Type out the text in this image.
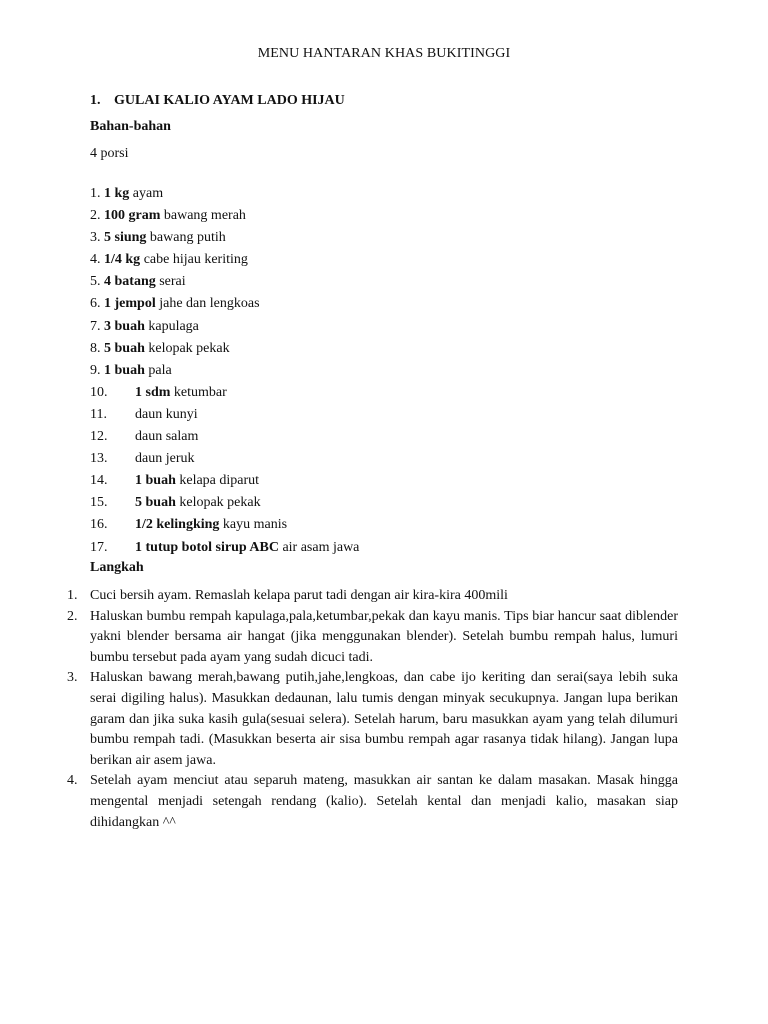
MENU HANTARAN KHAS BUKITINGGI
1. GULAI KALIO AYAM LADO HIJAU
Bahan-bahan
4 porsi
1. 1 kg ayam
2. 100 gram bawang merah
3. 5 siung bawang putih
4. 1/4 kg cabe hijau keriting
5. 4 batang serai
6. 1 jempol jahe dan lengkoas
7. 3 buah kapulaga
8. 5 buah kelopak pekak
9. 1 buah pala
10. 1 sdm ketumbar
11. daun kunyi
12. daun salam
13. daun jeruk
14. 1 buah kelapa diparut
15. 5 buah kelopak pekak
16. 1/2 kelingking kayu manis
17. 1 tutup botol sirup ABC air asam jawa
Langkah
1. Cuci bersih ayam. Remaslah kelapa parut tadi dengan air kira-kira 400mili
2. Haluskan bumbu rempah kapulaga,pala,ketumbar,pekak dan kayu manis. Tips biar hancur saat diblender yakni blender bersama air hangat (jika menggunakan blender). Setelah bumbu rempah halus, lumuri bumbu tersebut pada ayam yang sudah dicuci tadi.
3. Haluskan bawang merah,bawang putih,jahe,lengkoas, dan cabe ijo keriting dan serai(saya lebih suka serai digiling halus). Masukkan dedaunan, lalu tumis dengan minyak secukupnya. Jangan lupa berikan garam dan jika suka kasih gula(sesuai selera). Setelah harum, baru masukkan ayam yang telah dilumuri bumbu rempah tadi. (Masukkan beserta air sisa bumbu rempah agar rasanya tidak hilang). Jangan lupa berikan air asem jawa.
4. Setelah ayam menciut atau separuh mateng, masukkan air santan ke dalam masakan. Masak hingga mengental menjadi setengah rendang (kalio). Setelah kental dan menjadi kalio, masakan siap dihidangkan ^^
